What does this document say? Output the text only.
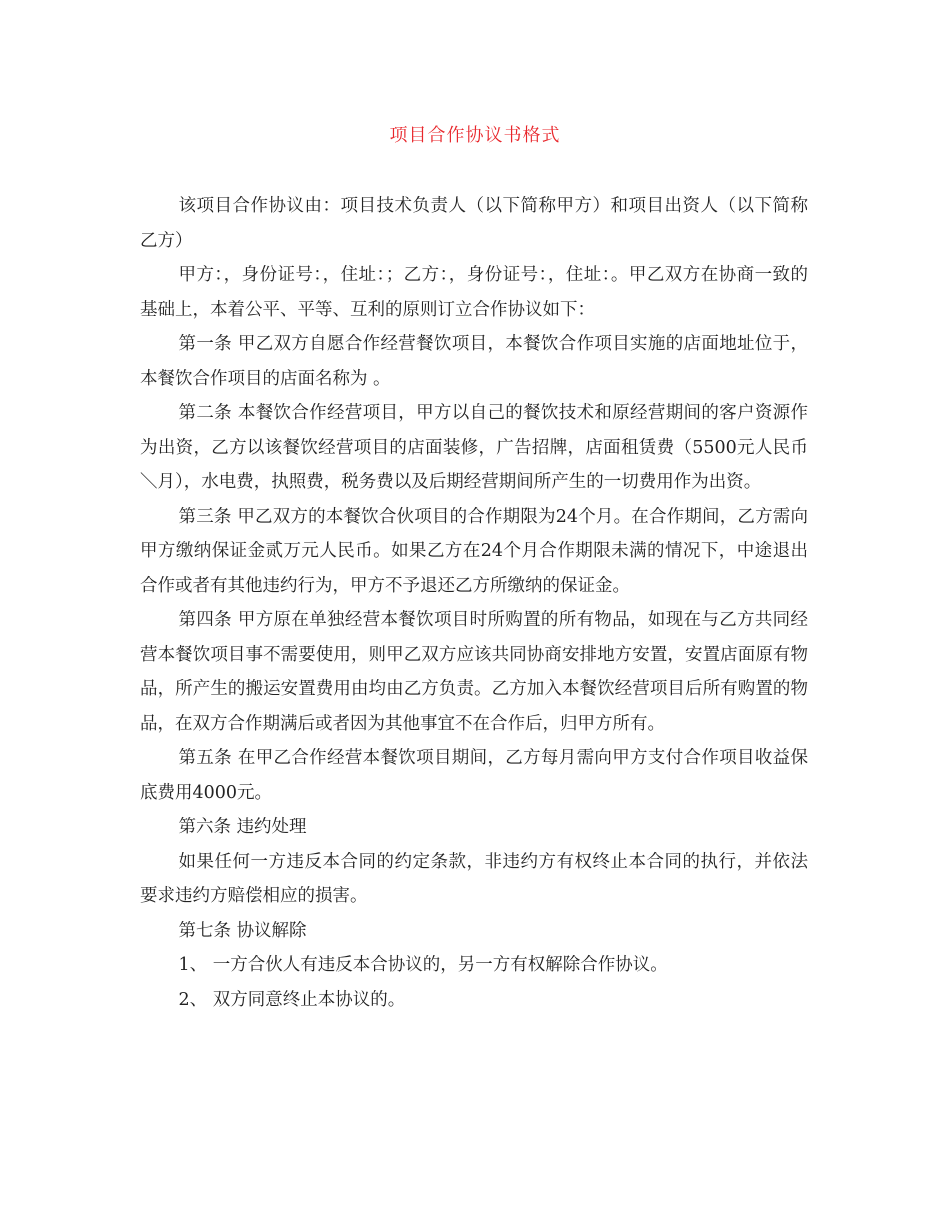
项目合作协议书格式

该项目合作协议由：项目技术负责人（以下简称甲方）和项目出资人（以下简称乙方）

甲方：，身份证号：，住址：；乙方：，身份证号：，住址：。甲乙双方在协商一致的基础上，本着公平、平等、互利的原则订立合作协议如下：

第一条 甲乙双方自愿合作经营餐饮项目，本餐饮合作项目实施的店面地址位于，本餐饮合作项目的店面名称为 。

第二条 本餐饮合作经营项目，甲方以自己的餐饮技术和原经营期间的客户资源作为出资，乙方以该餐饮经营项目的店面装修，广告招牌，店面租赁费（5500元人民币＼月），水电费，执照费，税务费以及后期经营期间所产生的一切费用作为出资。

第三条 甲乙双方的本餐饮合伙项目的合作期限为24个月。在合作期间，乙方需向甲方缴纳保证金贰万元人民币。如果乙方在24个月合作期限未满的情况下，中途退出合作或者有其他违约行为，甲方不予退还乙方所缴纳的保证金。

第四条 甲方原在单独经营本餐饮项目时所购置的所有物品，如现在与乙方共同经营本餐饮项目事不需要使用，则甲乙双方应该共同协商安排地方安置，安置店面原有物品，所产生的搬运安置费用由均由乙方负责。乙方加入本餐饮经营项目后所有购置的物品，在双方合作期满后或者因为其他事宜不在合作后，归甲方所有。

第五条 在甲乙合作经营本餐饮项目期间，乙方每月需向甲方支付合作项目收益保底费用4000元。

第六条 违约处理

如果任何一方违反本合同的约定条款，非违约方有权终止本合同的执行，并依法要求违约方赔偿相应的损害。

第七条 协议解除

1、 一方合伙人有违反本合协议的，另一方有权解除合作协议。

2、 双方同意终止本协议的。
